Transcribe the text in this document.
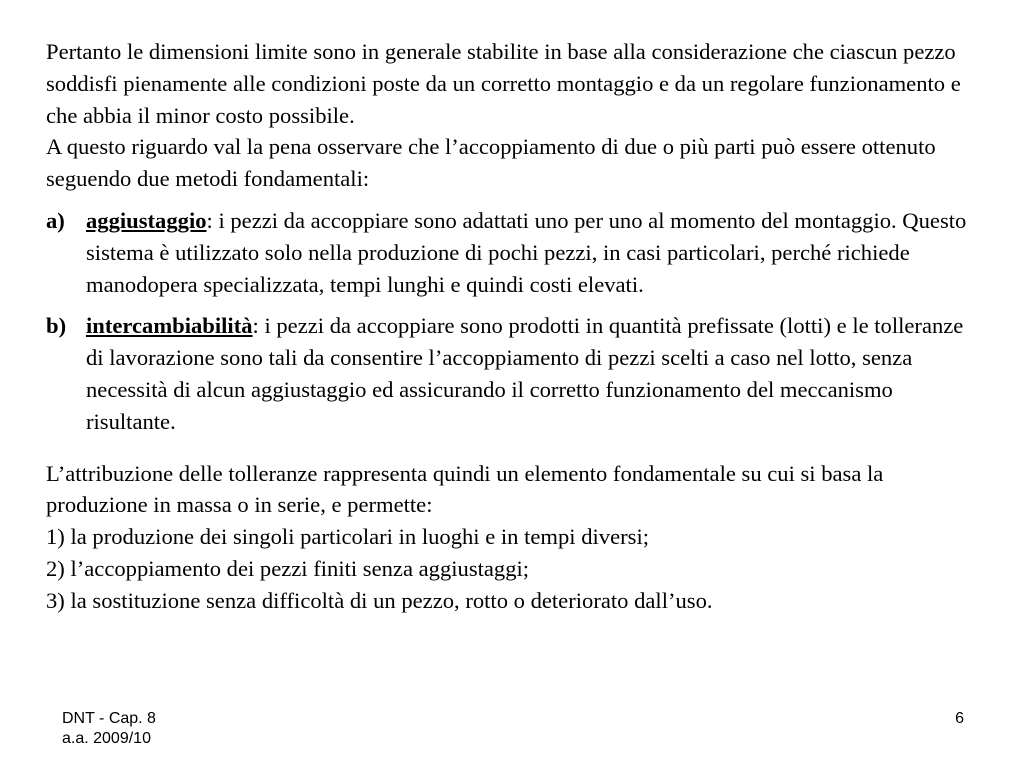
Pertanto le dimensioni limite sono in generale stabilite in base alla considerazione che ciascun pezzo soddisfi pienamente alle condizioni poste da un corretto montaggio e da un regolare funzionamento e che abbia il minor costo possibile.
A questo riguardo val la pena osservare che l’accoppiamento di due o più parti può essere ottenuto seguendo due metodi fondamentali:

a) aggiustaggio: i pezzi da accoppiare sono adattati uno per uno al momento del montaggio. Questo sistema è utilizzato solo nella produzione di pochi pezzi, in casi particolari, perché richiede manodopera specializzata, tempi lunghi e quindi costi elevati.
b) intercambiabilità: i pezzi da accoppiare sono prodotti in quantità prefissate (lotti) e le tolleranze di lavorazione sono tali da consentire l’accoppiamento di pezzi scelti a caso nel lotto, senza necessità di alcun aggiustaggio ed assicurando il corretto funzionamento del meccanismo risultante.
L’attribuzione delle tolleranze rappresenta quindi un elemento fondamentale su cui si basa la produzione in massa o in serie, e permette:
1) la produzione dei singoli particolari in luoghi e in tempi diversi;
2) l’accoppiamento dei pezzi finiti senza aggiustaggi;
3) la sostituzione senza difficoltà di un pezzo, rotto o deteriorato dall’uso.
DNT - Cap. 8
a.a. 2009/10
6
